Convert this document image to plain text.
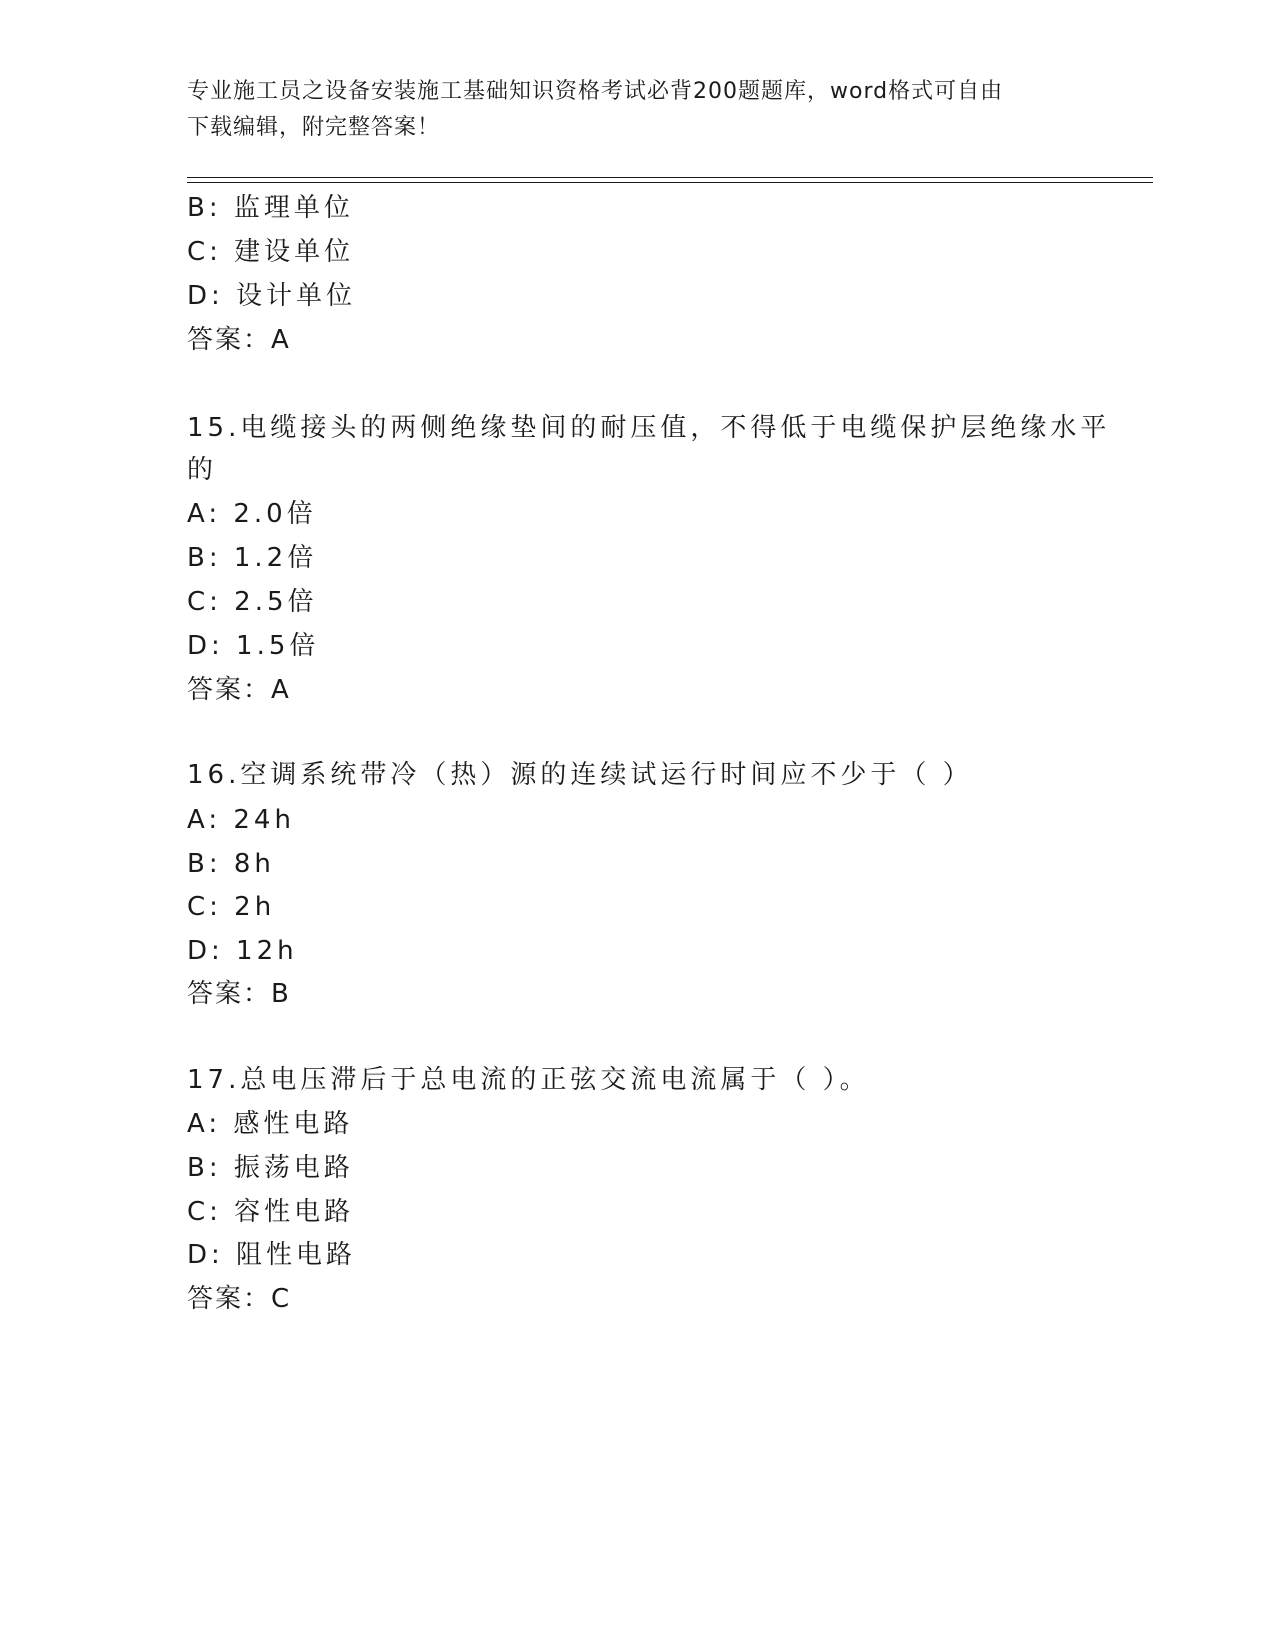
专业施工员之设备安装施工基础知识资格考试必背200题题库，word格式可自由
下载编辑，附完整答案！
B: 监理单位
C: 建设单位
D: 设计单位
答案：A
15.电缆接头的两侧绝缘垫间的耐压值，不得低于电缆保护层绝缘水平
的
A: 2.0倍
B: 1.2倍
C: 2.5倍
D: 1.5倍
答案：A
16.空调系统带冷（热）源的连续试运行时间应不少于（ ）
A: 24h
B: 8h
C: 2h
D: 12h
答案：B
17.总电压滞后于总电流的正弦交流电流属于（ ）。
A: 感性电路
B: 振荡电路
C: 容性电路
D: 阻性电路
答案：C
